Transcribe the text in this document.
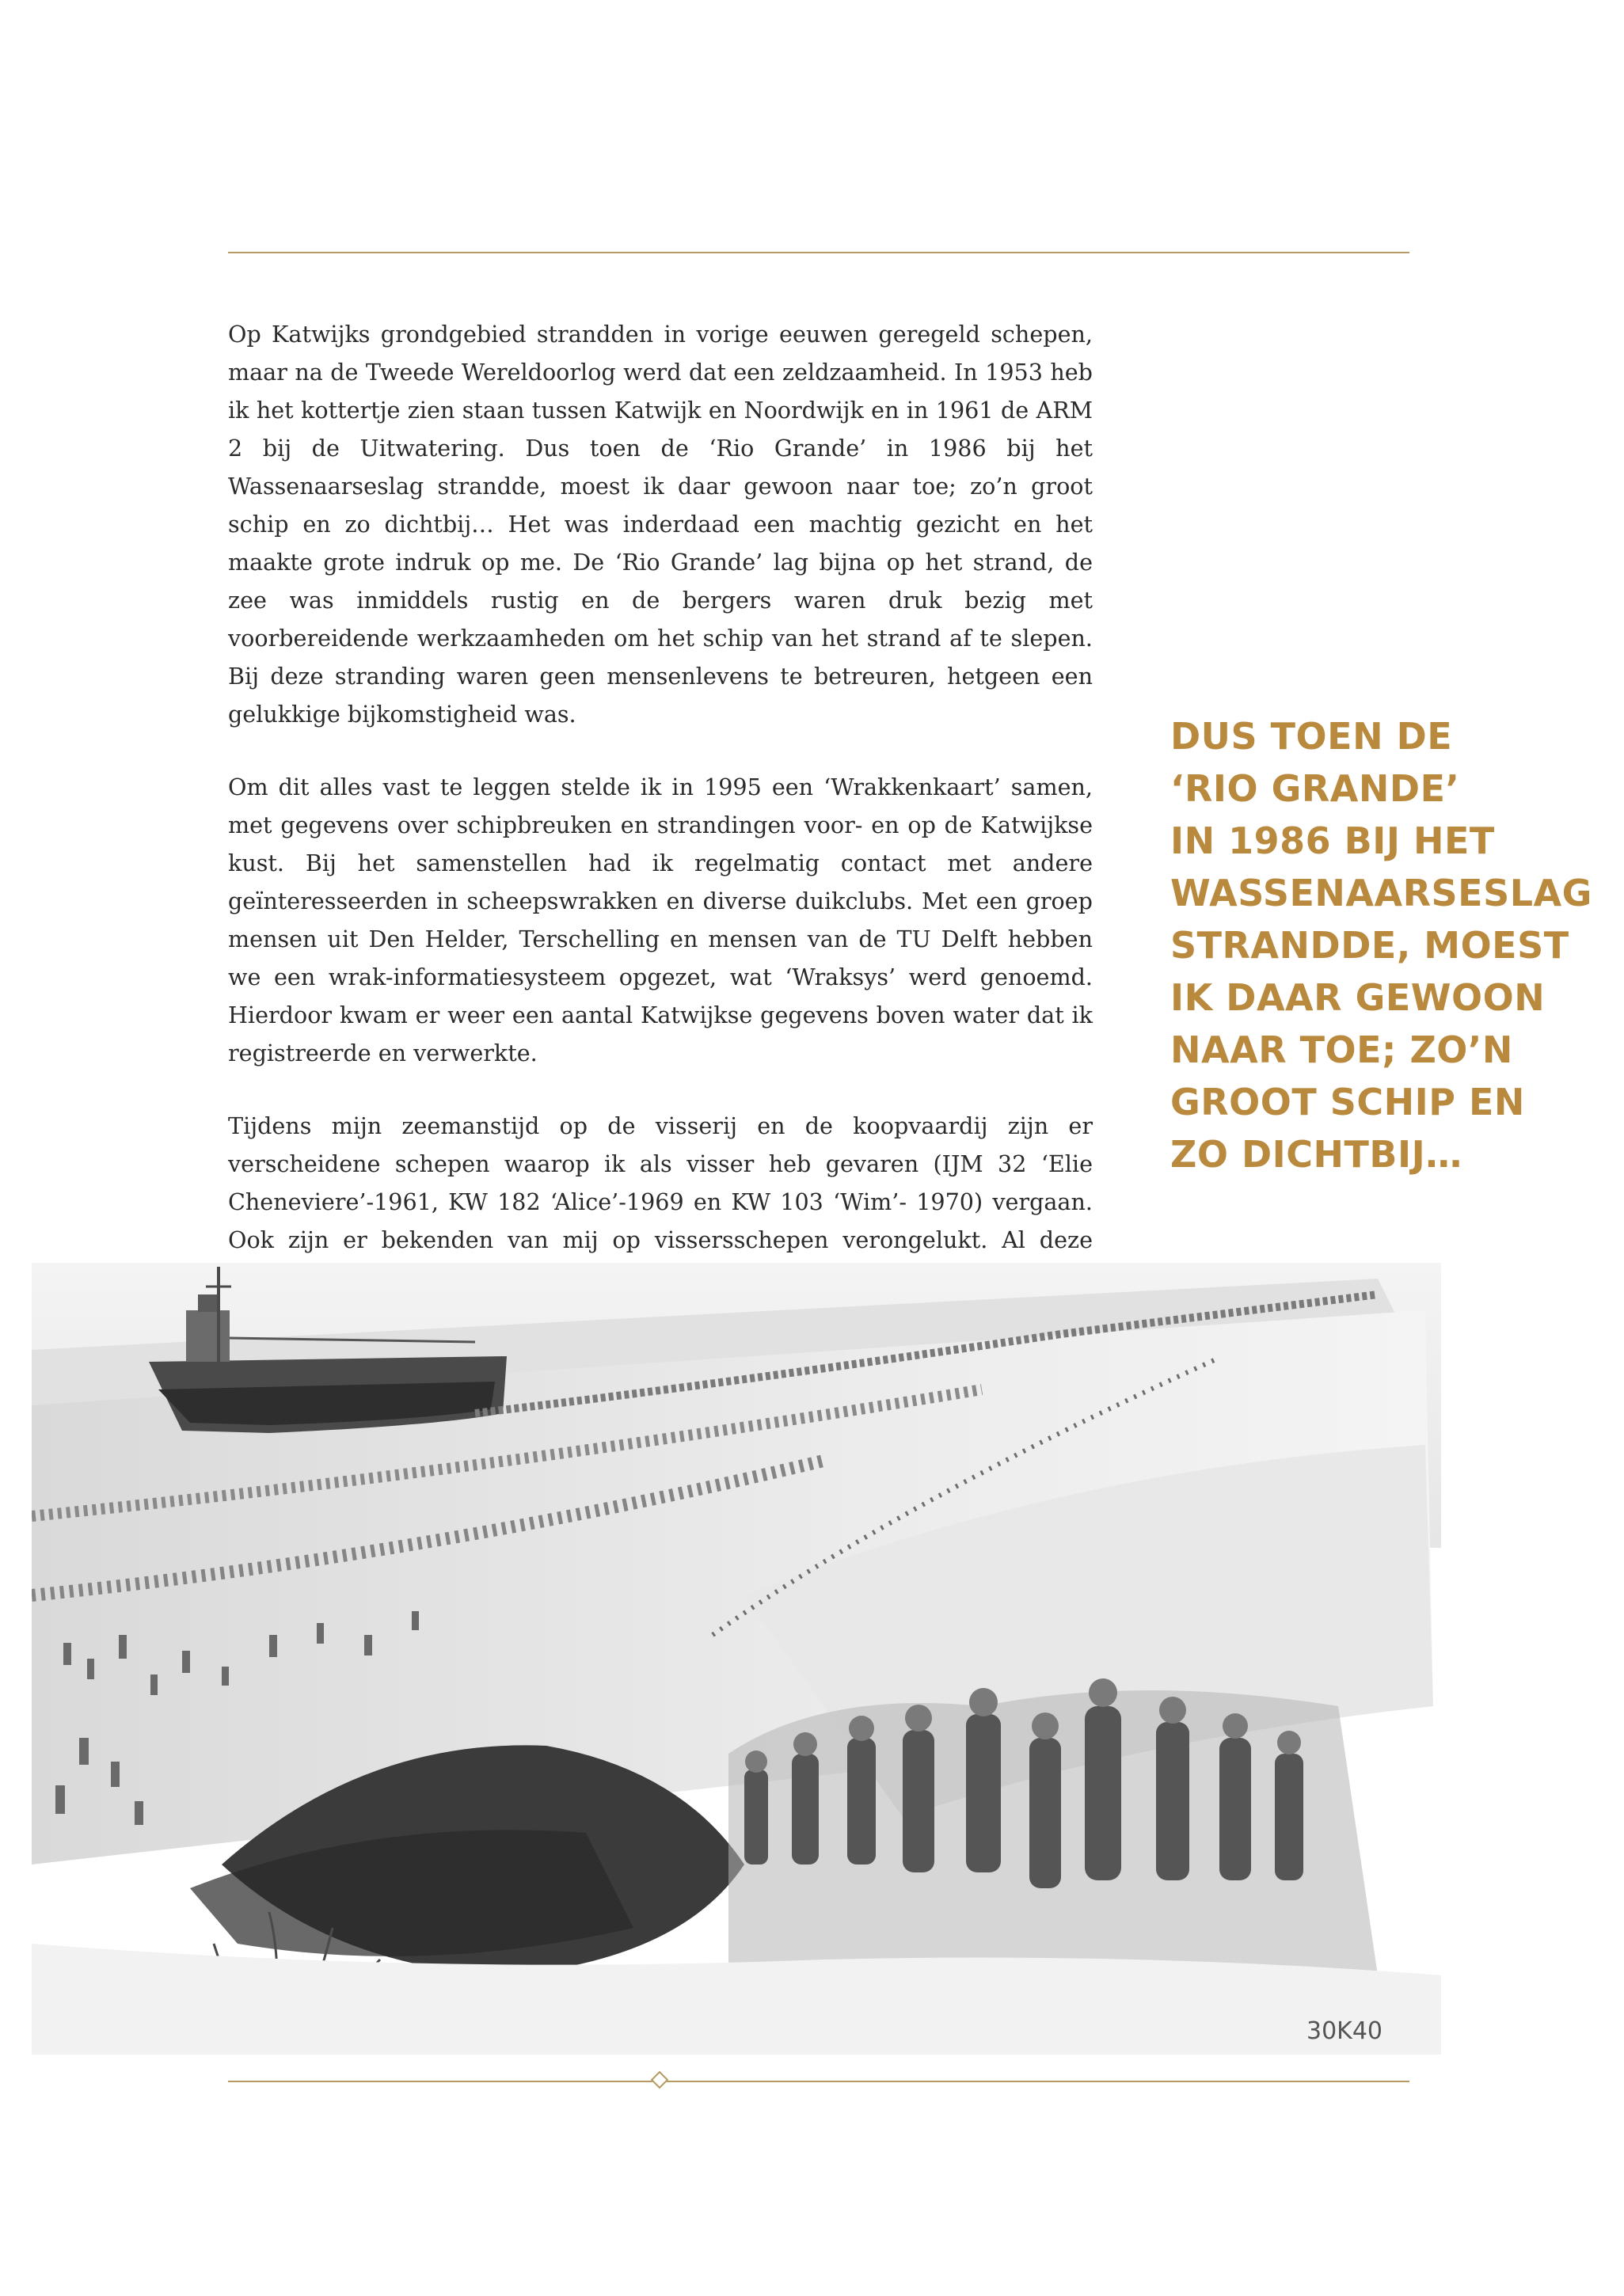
Op Katwijks grondgebied strandden in vorige eeuwen geregeld schepen, maar na de Tweede Wereldoorlog werd dat een zeldzaamheid. In 1953 heb ik het kottertje zien staan tussen Katwijk en Noordwijk en in 1961 de ARM 2 bij de Uitwatering. Dus toen de ‘Rio Grande’ in 1986 bij het Wassenaarseslag strandde, moest ik daar gewoon naar toe; zo’n groot schip en zo dichtbij… Het was inderdaad een machtig gezicht en het maakte grote indruk op me. De ‘Rio Grande’ lag bijna op het strand, de zee was inmiddels rustig en de bergers waren druk bezig met voorbereidende werkzaamheden om het schip van het strand af te slepen. Bij deze stranding waren geen mensenlevens te betreuren, hetgeen een gelukkige bijkomstigheid was.

Om dit alles vast te leggen stelde ik in 1995 een ‘Wrakkenkaart’ samen, met gegevens over schipbreuken en strandingen voor- en op de Katwijkse kust. Bij het samenstellen had ik regelmatig contact met andere geïnteresseerden in scheepswrakken en diverse duikclubs. Met een groep mensen uit Den Helder, Terschelling en mensen van de TU Delft hebben we een wrak-informatiesysteem opgezet, wat ‘Wraksys’ werd genoemd. Hierdoor kwam er weer een aantal Katwijkse gegevens boven water dat ik registreerde en verwerkte.

Tijdens mijn zeemanstijd op de visserij en de koopvaardij zijn er verscheidene schepen waarop ik als visser heb gevaren (IJM 32 ‘Elie Cheneviere’-1961, KW 182 ‘Alice’-1969 en KW 103 ‘Wim’- 1970) vergaan. Ook zijn er bekenden van mij op vissersschepen verongelukt. Al deze

DUS TOEN DE
‘RIO GRANDE’
IN 1986 BIJ HET
WASSENAARSESLAG
STRANDDE, MOEST
IK DAAR GEWOON
NAAR TOE; ZO’N
GROOT SCHIP EN
ZO DICHTBIJ…
30K40
